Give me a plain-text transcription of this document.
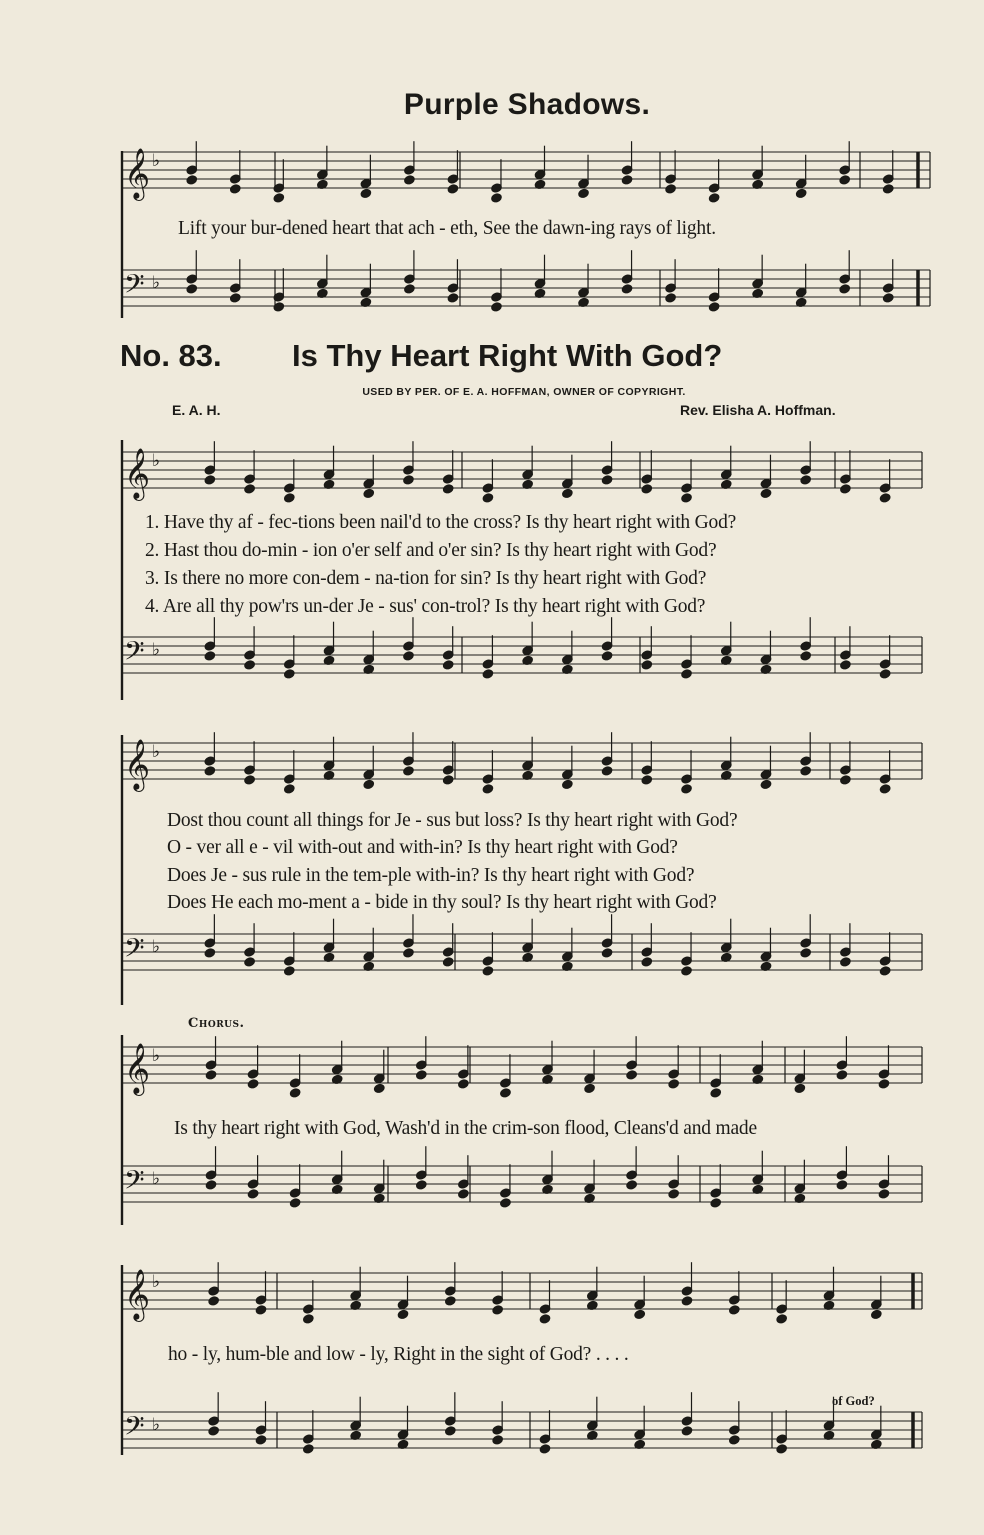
𝄞 ♭
𝄢 ♭
𝄞 ♭
𝄢 ♭
𝄞 ♭
𝄢 ♭
𝄞 ♭
𝄢 ♭
𝄞 ♭
𝄢 ♭
Purple Shadows.
Lift your bur-dened heart that ach - eth, See the dawn-ing rays of light.
No. 83. Is Thy Heart Right With God?
USED BY PER. OF E. A. HOFFMAN, OWNER OF COPYRIGHT.
E. A. H.	Rev. Elisha A. Hoffman.
1. Have thy af - fec-tions been nail'd to the cross? Is thy heart right with God?
2. Hast thou do-min - ion o'er self and o'er sin? Is thy heart right with God?
3. Is there no more con-dem - na-tion for sin? Is thy heart right with God?
4. Are all thy pow'rs un-der Je - sus' con-trol? Is thy heart right with God?
Dost thou count all things for Je - sus but loss? Is thy heart right with God?
O - ver all e - vil with-out and with-in? Is thy heart right with God?
Does Je - sus rule in the tem-ple with-in? Is thy heart right with God?
Does He each mo-ment a - bide in thy soul? Is thy heart right with God?
Chorus.
Is thy heart right with God, Wash'd in the crim-son flood, Cleans'd and made
ho - ly, hum-ble and low - ly, Right in the sight of God? . . . .
of God?
